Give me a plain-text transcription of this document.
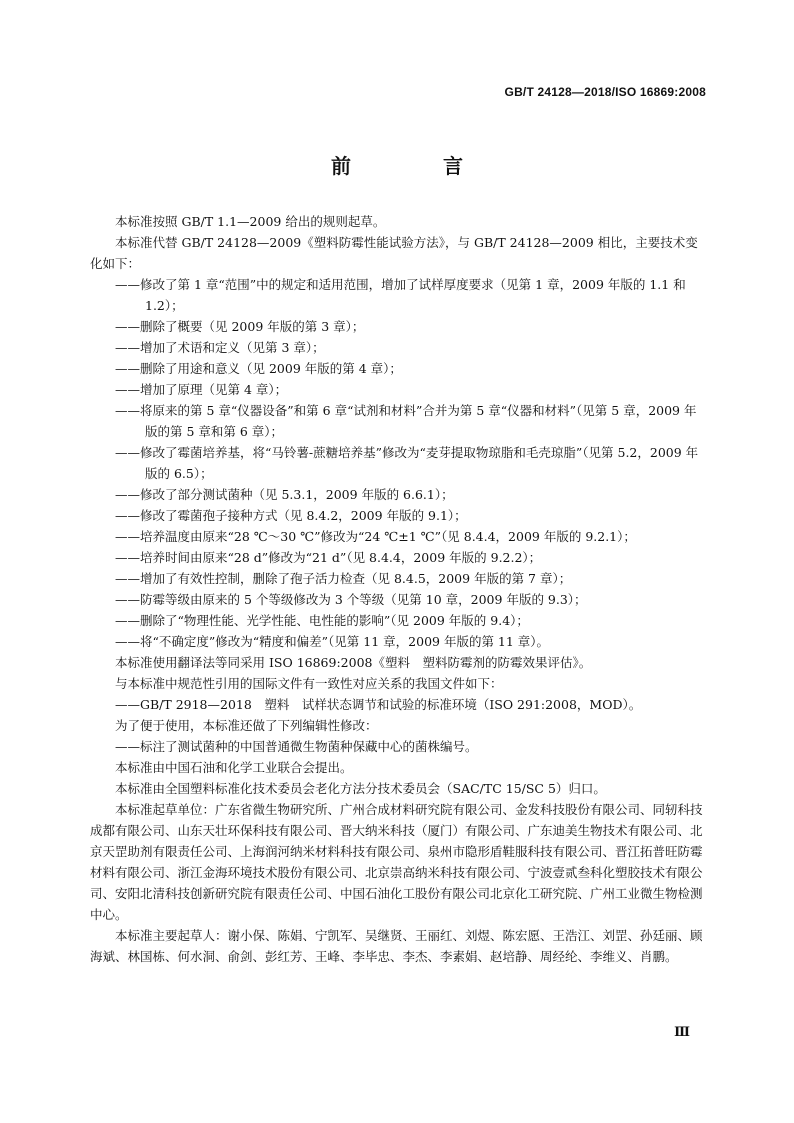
GB/T 24128—2018/ISO 16869:2008
前　言

本标准按照 GB/T 1.1—2009 给出的规则起草。

本标准代替 GB/T 24128—2009《塑料防霉性能试验方法》，与 GB/T 24128—2009 相比，主要技术变化如下：

——修改了第 1 章“范围”中的规定和适用范围，增加了试样厚度要求（见第 1 章，2009 年版的 1.1 和 1.2）；

——删除了概要（见 2009 年版的第 3 章）；

——增加了术语和定义（见第 3 章）；

——删除了用途和意义（见 2009 年版的第 4 章）；

——增加了原理（见第 4 章）；

——将原来的第 5 章“仪器设备”和第 6 章“试剂和材料”合并为第 5 章“仪器和材料”（见第 5 章，2009 年版的第 5 章和第 6 章）；

——修改了霉菌培养基，将“马铃薯-蔗糖培养基”修改为“麦芽提取物琼脂和毛壳琼脂”（见第 5.2，2009 年版的 6.5）；

——修改了部分测试菌种（见 5.3.1，2009 年版的 6.6.1）；

——修改了霉菌孢子接种方式（见 8.4.2，2009 年版的 9.1）；

——培养温度由原来“28 ℃～30 ℃”修改为“24 ℃±1 ℃”（见 8.4.4，2009 年版的 9.2.1）；

——培养时间由原来“28 d”修改为“21 d”（见 8.4.4，2009 年版的 9.2.2）；

——增加了有效性控制，删除了孢子活力检查（见 8.4.5，2009 年版的第 7 章）；

——防霉等级由原来的 5 个等级修改为 3 个等级（见第 10 章，2009 年版的 9.3）；

——删除了“物理性能、光学性能、电性能的影响”（见 2009 年版的 9.4）；

——将“不确定度”修改为“精度和偏差”（见第 11 章，2009 年版的第 11 章）。

本标准使用翻译法等同采用 ISO 16869:2008《塑料　塑料防霉剂的防霉效果评估》。

与本标准中规范性引用的国际文件有一致性对应关系的我国文件如下：

——GB/T 2918—2018　塑料　试样状态调节和试验的标准环境（ISO 291:2008，MOD）。

为了便于使用，本标准还做了下列编辑性修改：

——标注了测试菌种的中国普通微生物菌种保藏中心的菌株编号。

本标准由中国石油和化学工业联合会提出。

本标准由全国塑料标准化技术委员会老化方法分技术委员会（SAC/TC 15/SC 5）归口。

本标准起草单位：广东省微生物研究所、广州合成材料研究院有限公司、金发科技股份有限公司、同轫科技成都有限公司、山东天壮环保科技有限公司、晋大纳米科技（厦门）有限公司、广东迪美生物技术有限公司、北京天罡助剂有限责任公司、上海润河纳米材料科技有限公司、泉州市隐形盾鞋服科技有限公司、晋江拓普旺防霉材料有限公司、浙江金海环境技术股份有限公司、北京崇高纳米科技有限公司、宁波壹贰叁科化塑胶技术有限公司、安阳北清科技创新研究院有限责任公司、中国石油化工股份有限公司北京化工研究院、广州工业微生物检测中心。

本标准主要起草人：谢小保、陈娟、宁凯军、吴继贤、王丽红、刘煜、陈宏愿、王浩江、刘罡、孙廷丽、顾海斌、林国栋、何水洞、俞剑、彭红芳、王峰、李毕忠、李杰、李素娟、赵培静、周经纶、李维义、肖鹏。

Ⅲ
